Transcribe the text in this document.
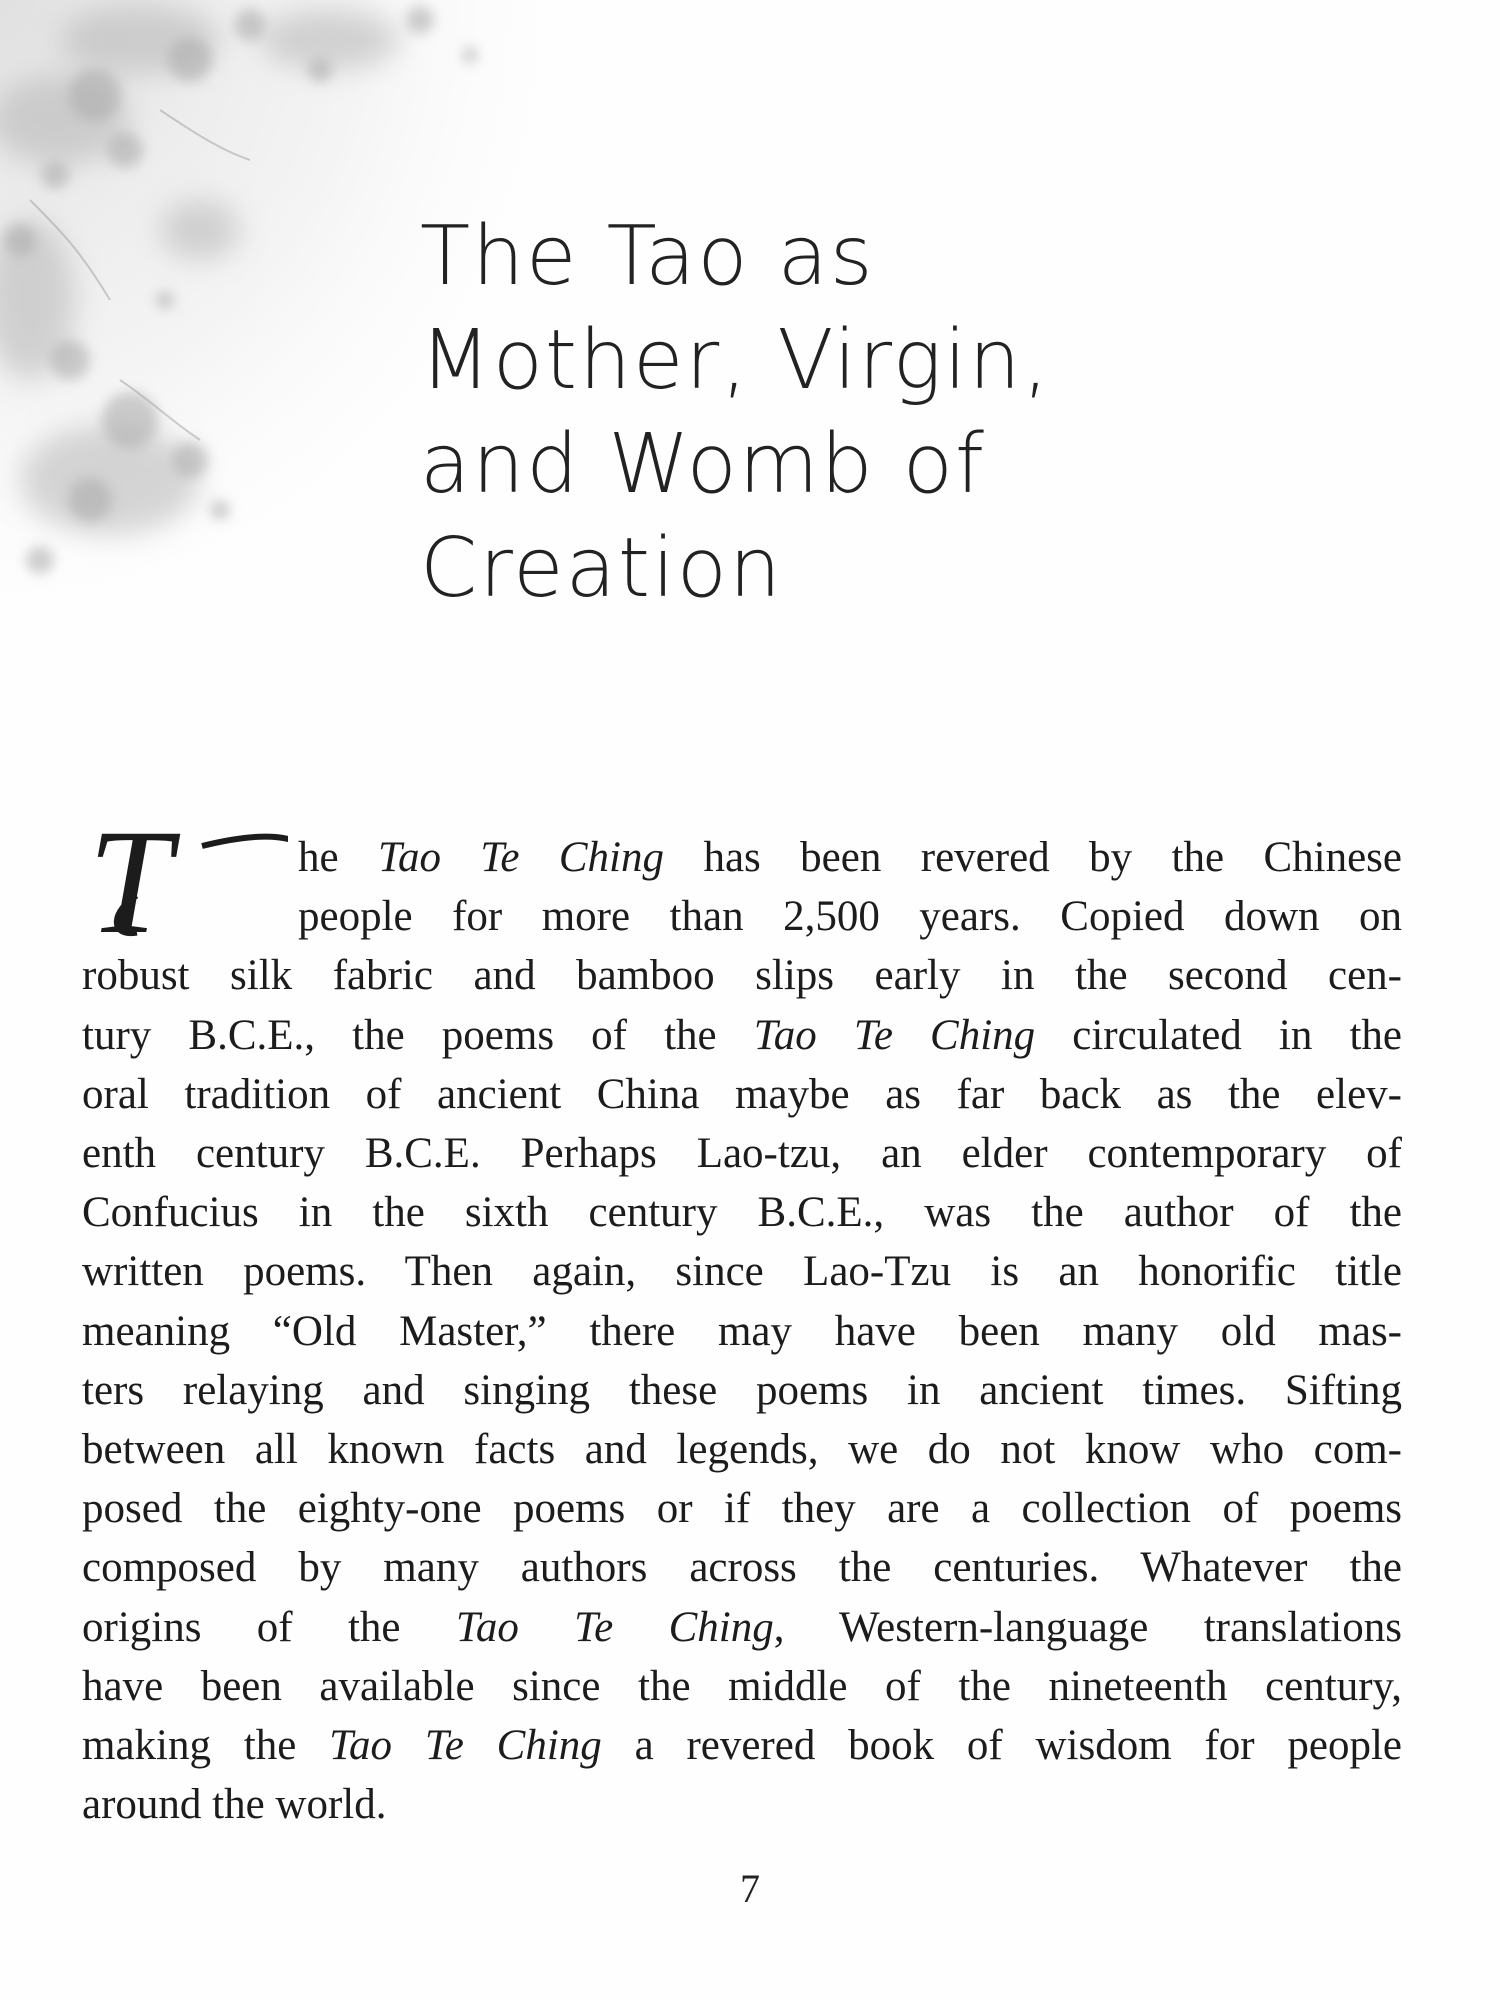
The Tao as
Mother, Virgin,
and Womb of
Creation
T	he Tao Te Ching has been revered by the Chinese
people for more than 2,500 years. Copied down on
robust silk fabric and bamboo slips early in the second cen-
tury B.C.E., the poems of the Tao Te Ching circulated in the
oral tradition of ancient China maybe as far back as the elev-
enth century B.C.E. Perhaps Lao-tzu, an elder contemporary of
Confucius in the sixth century B.C.E., was the author of the
written poems. Then again, since Lao-Tzu is an honorific title
meaning “Old Master,” there may have been many old mas-
ters relaying and singing these poems in ancient times. Sifting
between all known facts and legends, we do not know who com-
posed the eighty-one poems or if they are a collection of poems
composed by many authors across the centuries. Whatever the
origins of the Tao Te Ching, Western-language translations
have been available since the middle of the nineteenth century,
making the Tao Te Ching a revered book of wisdom for people
around the world.
7
